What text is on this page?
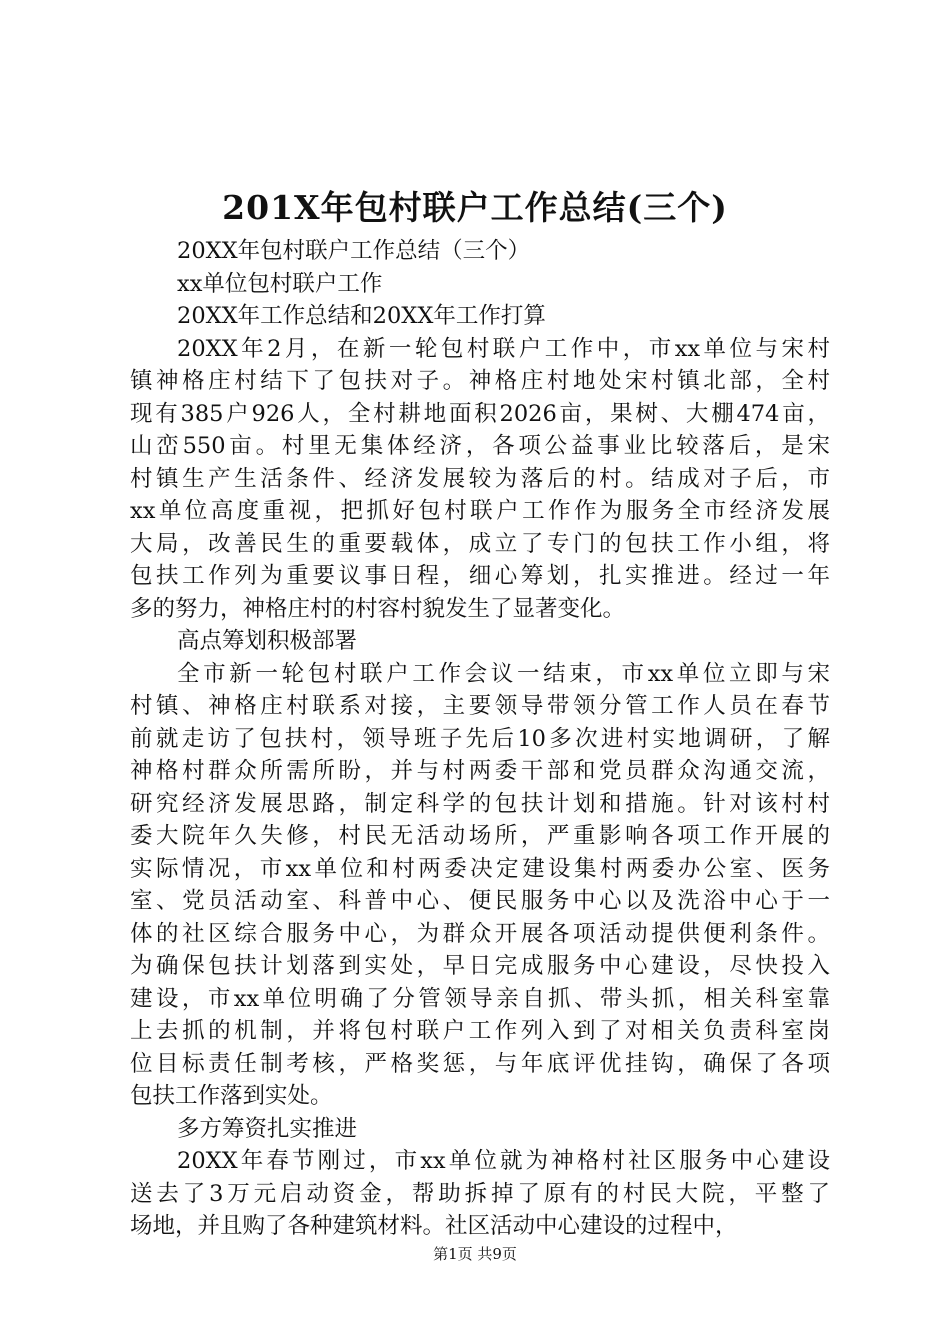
201X年包村联户工作总结(三个)
20XX年包村联户工作总结（三个）
xx单位包村联户工作
20XX年工作总结和20XX年工作打算
20XX年2月，在新一轮包村联户工作中，市xx单位与宋村
镇神格庄村结下了包扶对子。神格庄村地处宋村镇北部，全村
现有385户926人，全村耕地面积2026亩，果树、大棚474亩，
山峦550亩。村里无集体经济，各项公益事业比较落后，是宋
村镇生产生活条件、经济发展较为落后的村。结成对子后，市
xx单位高度重视，把抓好包村联户工作作为服务全市经济发展
大局，改善民生的重要载体，成立了专门的包扶工作小组，将
包扶工作列为重要议事日程，细心筹划，扎实推进。经过一年
多的努力，神格庄村的村容村貌发生了显著变化。
高点筹划积极部署
全市新一轮包村联户工作会议一结束，市xx单位立即与宋
村镇、神格庄村联系对接，主要领导带领分管工作人员在春节
前就走访了包扶村，领导班子先后10多次进村实地调研，了解
神格村群众所需所盼，并与村两委干部和党员群众沟通交流，
研究经济发展思路，制定科学的包扶计划和措施。针对该村村
委大院年久失修，村民无活动场所，严重影响各项工作开展的
实际情况，市xx单位和村两委决定建设集村两委办公室、医务
室、党员活动室、科普中心、便民服务中心以及洗浴中心于一
体的社区综合服务中心，为群众开展各项活动提供便利条件。
为确保包扶计划落到实处，早日完成服务中心建设，尽快投入
建设，市xx单位明确了分管领导亲自抓、带头抓，相关科室靠
上去抓的机制，并将包村联户工作列入到了对相关负责科室岗
位目标责任制考核，严格奖惩，与年底评优挂钩，确保了各项
包扶工作落到实处。
多方筹资扎实推进
20XX年春节刚过，市xx单位就为神格村社区服务中心建设
送去了3万元启动资金，帮助拆掉了原有的村民大院，平整了
场地，并且购了各种建筑材料。社区活动中心建设的过程中，
第1页 共9页
